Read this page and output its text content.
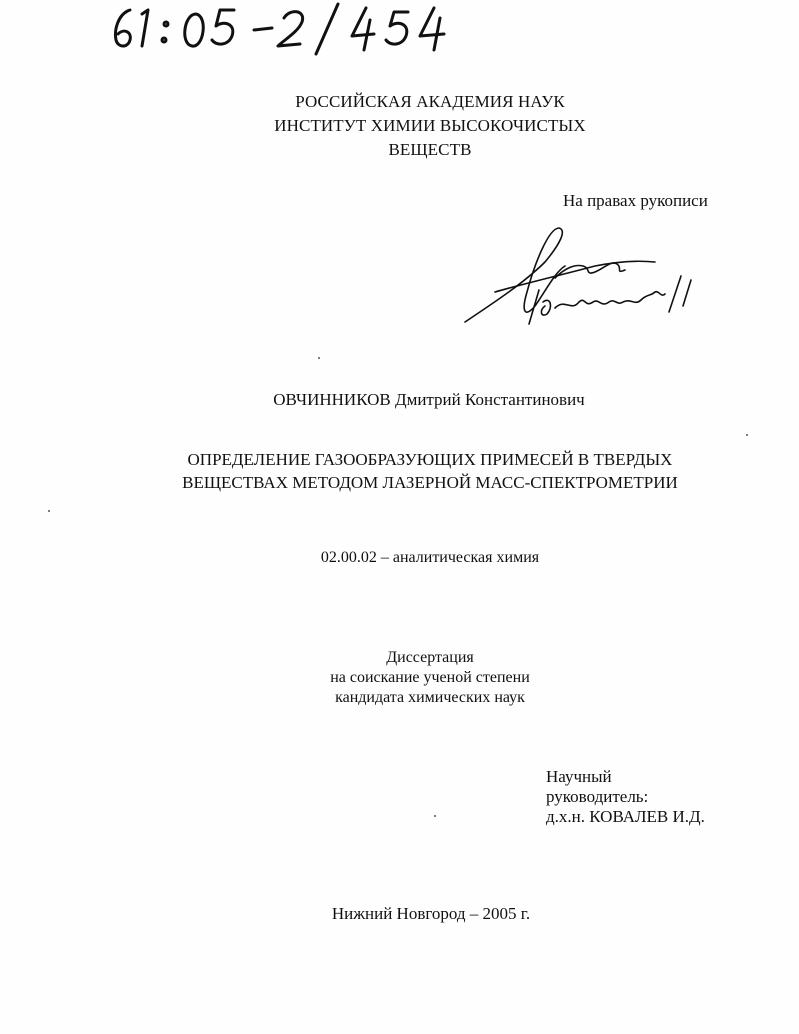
РОССИЙСКАЯ АКАДЕМИЯ НАУК
ИНСТИТУТ ХИМИИ ВЫСОКОЧИСТЫХ
ВЕЩЕСТВ
На правах рукописи
ОВЧИННИКОВ Дмитрий Константинович
ОПРЕДЕЛЕНИЕ ГАЗООБРАЗУЮЩИХ ПРИМЕСЕЙ В ТВЕРДЫХ
ВЕЩЕСТВАХ МЕТОДОМ ЛАЗЕРНОЙ МАСС-СПЕКТРОМЕТРИИ
02.00.02 – аналитическая химия
Диссертация
на соискание ученой степени
кандидата химических наук
Научный
руководитель:
д.х.н. КОВАЛЕВ И.Д.
Нижний Новгород – 2005 г.
